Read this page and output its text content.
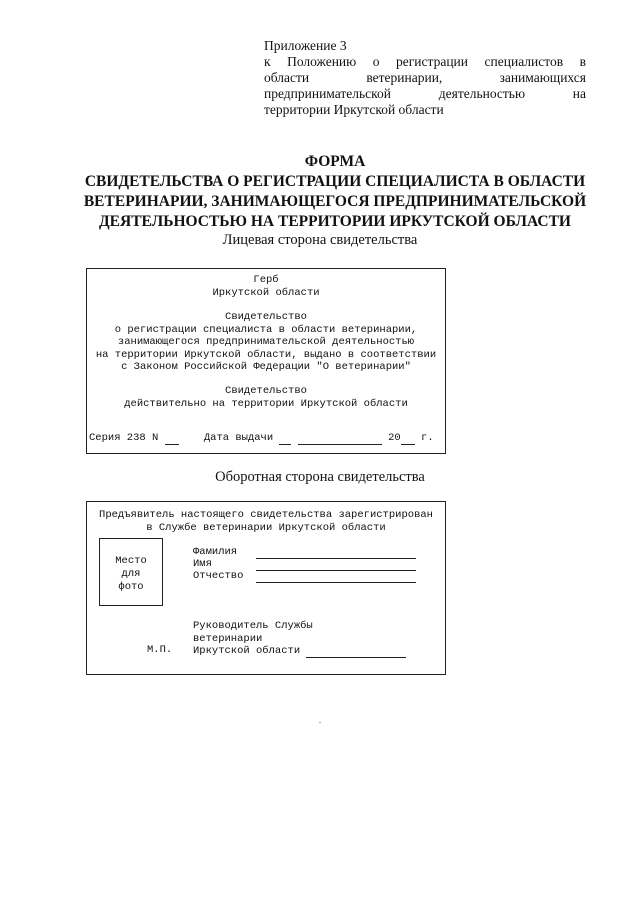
Приложение 3
к Положению о регистрации специалистов в
области ветеринарии, занимающихся
предпринимательской деятельностью на
территории Иркутской области
ФОРМА
СВИДЕТЕЛЬСТВА О РЕГИСТРАЦИИ СПЕЦИАЛИСТА В ОБЛАСТИ
ВЕТЕРИНАРИИ, ЗАНИМАЮЩЕГОСЯ ПРЕДПРИНИМАТЕЛЬСКОЙ
ДЕЯТЕЛЬНОСТЬЮ НА ТЕРРИТОРИИ ИРКУТСКОЙ ОБЛАСТИ
Лицевая сторона свидетельства
Герб
Иркутской области
Свидетельство
о регистрации специалиста в области ветеринарии,
занимающегося предпринимательской деятельностью
на территории Иркутской области, выдано в соответствии
с Законом Российской Федерации "О ветеринарии"
Свидетельство
действительно на территории Иркутской области
Серия 238 N	Дата выдачи	20 г.
Оборотная сторона свидетельства
Предъявитель настоящего свидетельства зарегистрирован
в Службе ветеринарии Иркутской области
Место
для
фото
Фамилия
Имя
Отчество
Руководитель Службы
ветеринарии
Иркутской области
М.П.
